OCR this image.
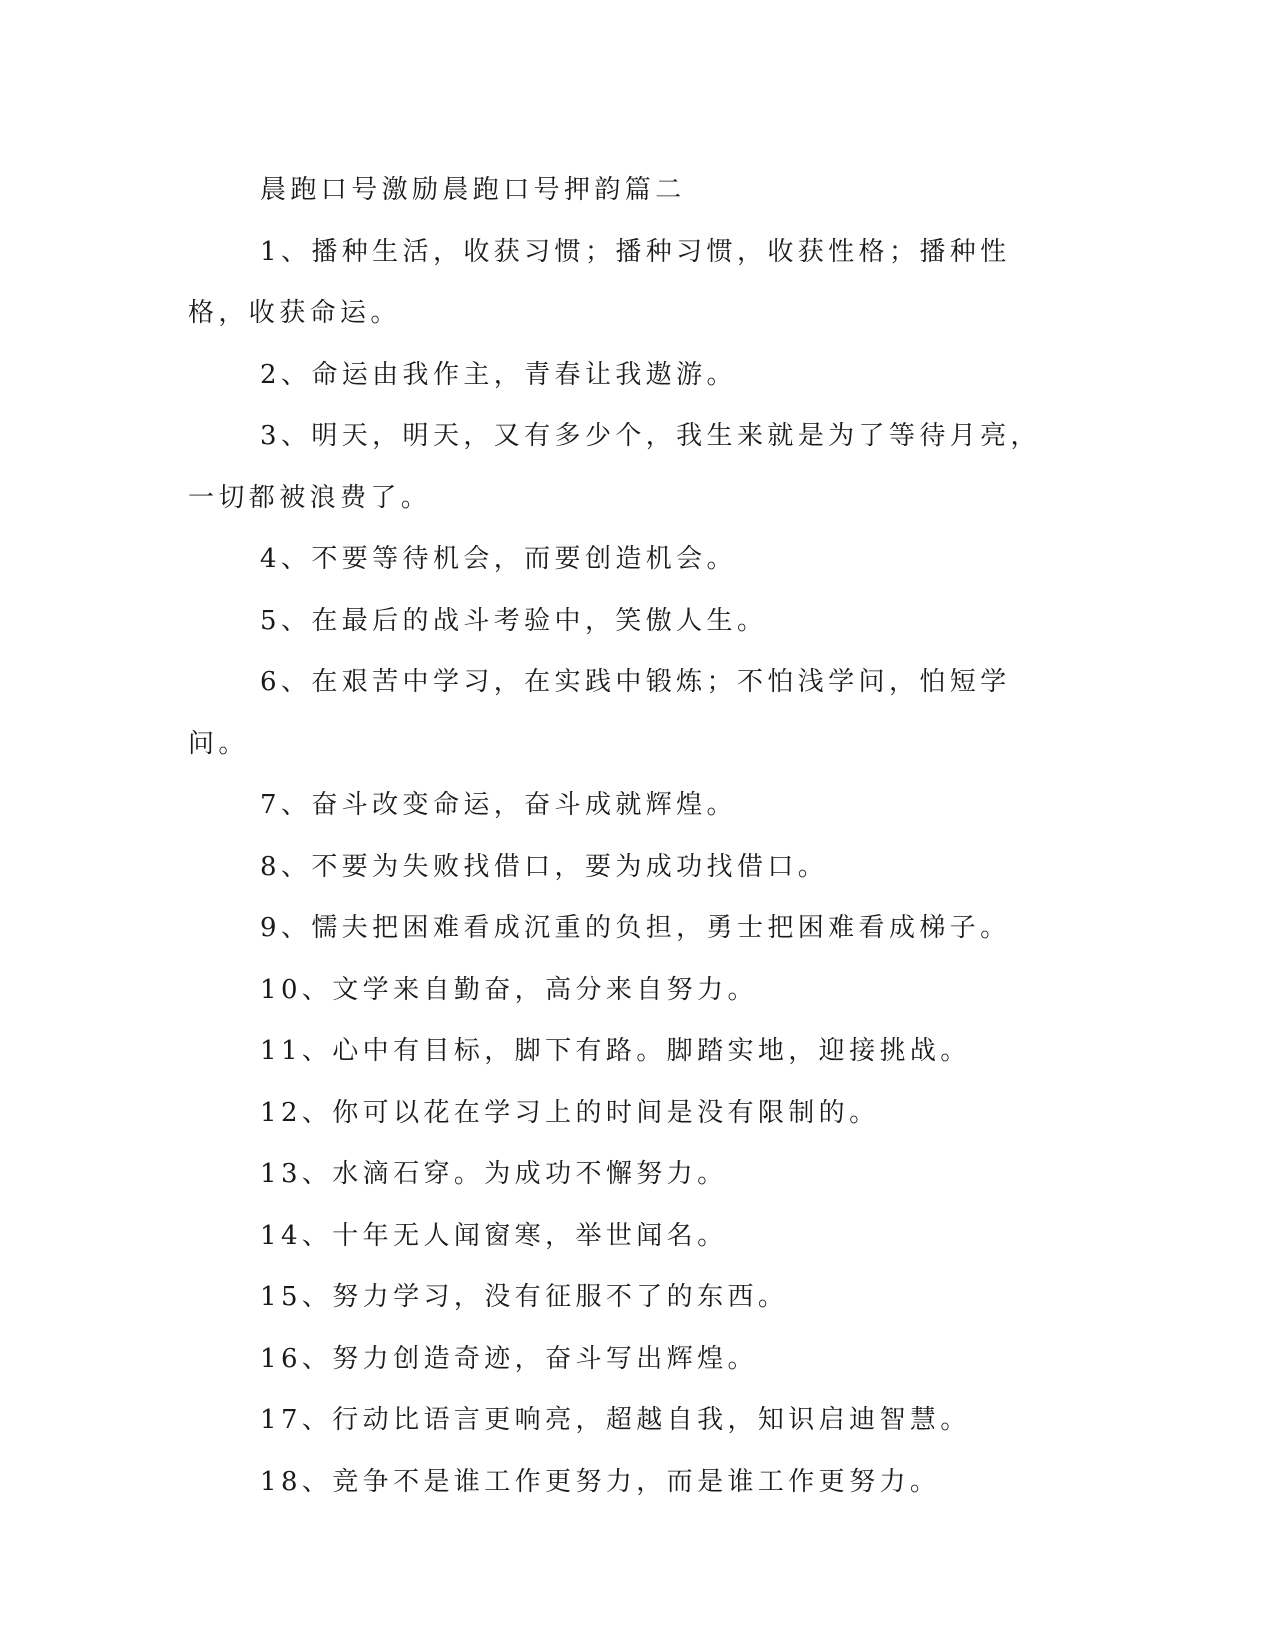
晨跑口号激励晨跑口号押韵篇二

1、播种生活，收获习惯；播种习惯，收获性格；播种性格，收获命运。

2、命运由我作主，青春让我遨游。

3、明天，明天，又有多少个，我生来就是为了等待月亮，一切都被浪费了。

4、不要等待机会，而要创造机会。

5、在最后的战斗考验中，笑傲人生。

6、在艰苦中学习，在实践中锻炼；不怕浅学问，怕短学问。

7、奋斗改变命运，奋斗成就辉煌。

8、不要为失败找借口，要为成功找借口。

9、懦夫把困难看成沉重的负担，勇士把困难看成梯子。

10、文学来自勤奋，高分来自努力。

11、心中有目标，脚下有路。脚踏实地，迎接挑战。

12、你可以花在学习上的时间是没有限制的。

13、水滴石穿。为成功不懈努力。

14、十年无人闻窗寒，举世闻名。

15、努力学习，没有征服不了的东西。

16、努力创造奇迹，奋斗写出辉煌。

17、行动比语言更响亮，超越自我，知识启迪智慧。

18、竞争不是谁工作更努力，而是谁工作更努力。
